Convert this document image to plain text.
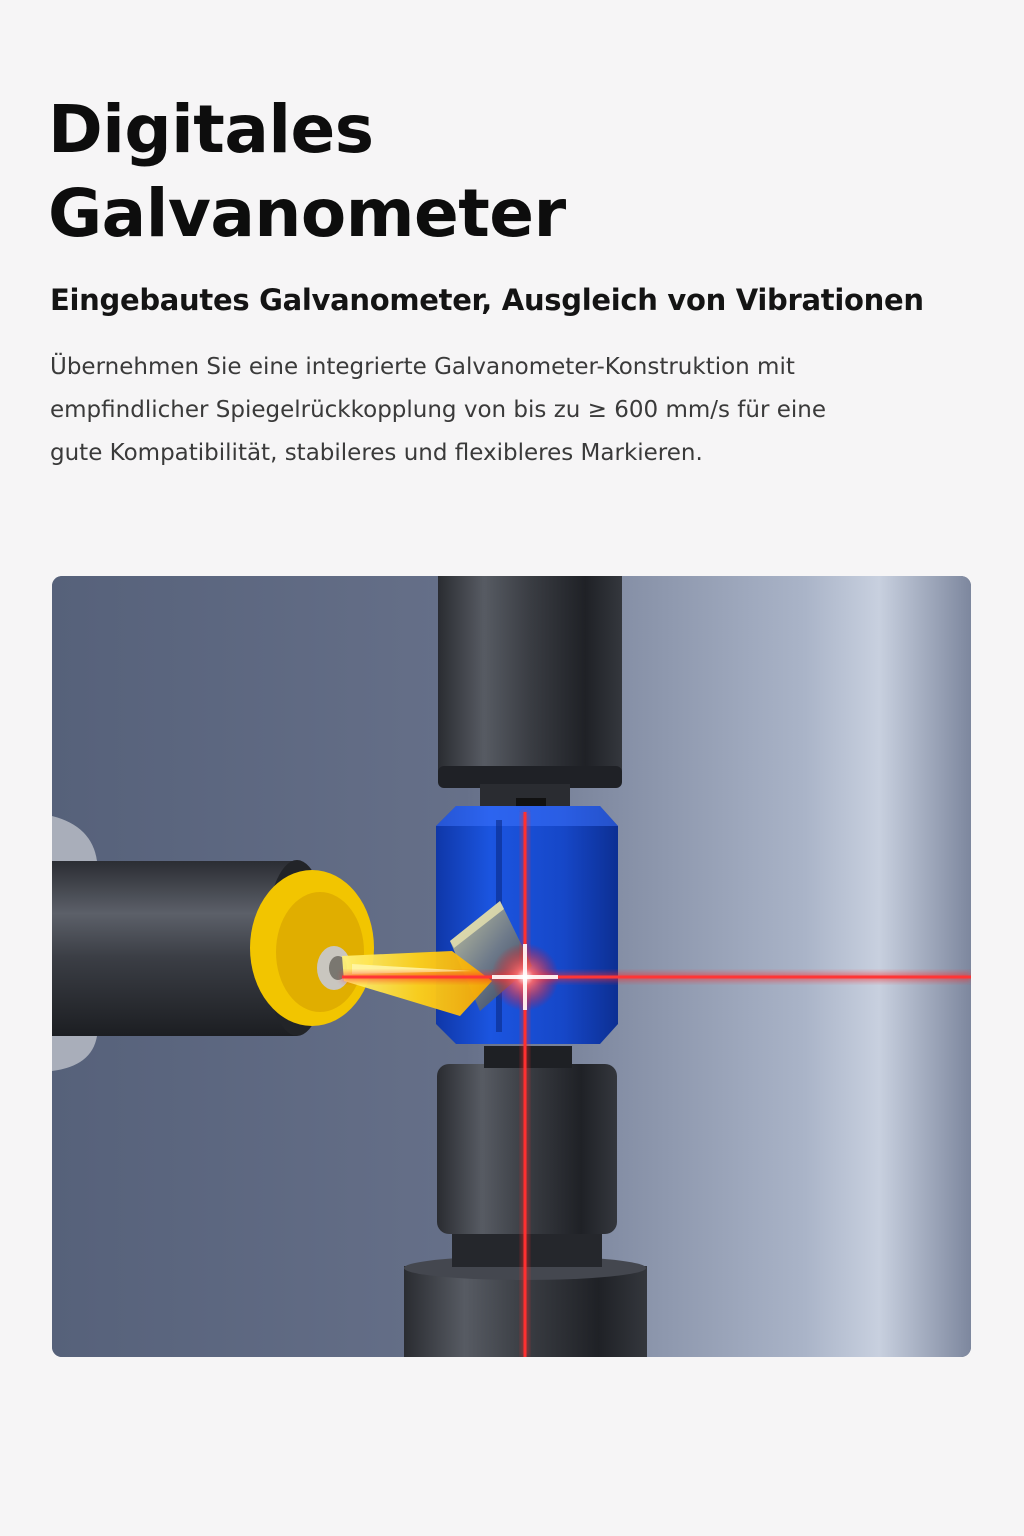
Digitales
Galvanometer
Eingebautes Galvanometer, Ausgleich von Vibrationen

Übernehmen Sie eine integrierte Galvanometer-Konstruktion mit
empfindlicher Spiegelrückkopplung von bis zu ≥ 600 mm/s für eine
gute Kompatibilität, stabileres und flexibleres Markieren.
